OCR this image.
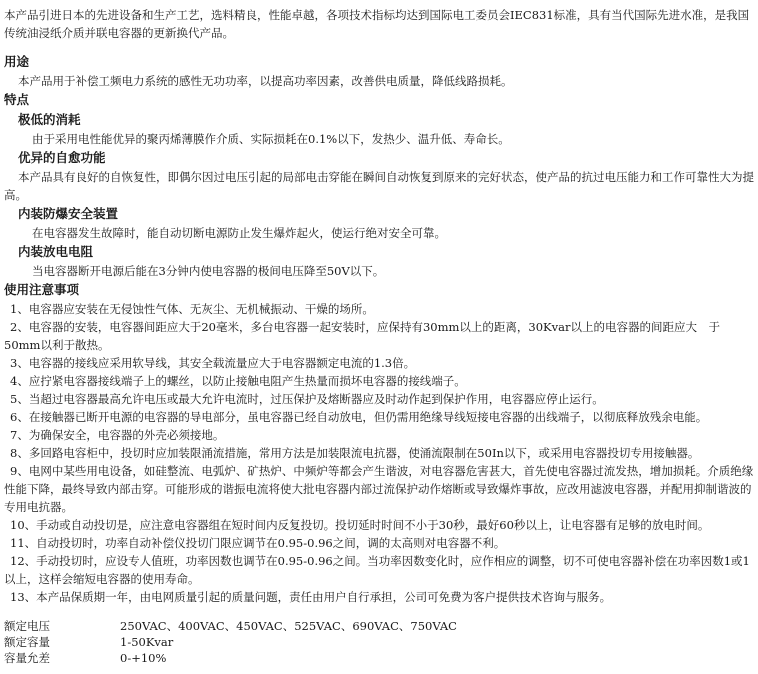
本产品引进日本的先进设备和生产工艺，选料精良，性能卓越，各项技术指标均达到国际电工委员会IEC831标准，具有当代国际先进水准，是我国传统油浸纸介质并联电容器的更新换代产品。

用途

本产品用于补偿工频电力系统的感性无功功率，以提高功率因素，改善供电质量，降低线路损耗。

特点

极低的消耗

由于采用电性能优异的聚丙烯薄膜作介质、实际损耗在0.1%以下，发热少、温升低、寿命长。

优异的自愈功能

本产品具有良好的自恢复性，即偶尔因过电压引起的局部电击穿能在瞬间自动恢复到原来的完好状态，使产品的抗过电压能力和工作可靠性大为提高。

内装防爆安全装置

在电容器发生故障时，能自动切断电源防止发生爆炸起火，使运行绝对安全可靠。

内装放电电阻

当电容器断开电源后能在3分钟内使电容器的极间电压降至50V以下。

使用注意事项

1、电容器应安装在无侵蚀性气体、无灰尘、无机械振动、干燥的场所。

2、电容器的安装，电容器间距应大于20毫米，多台电容器一起安装时，应保持有30mm以上的距离，30Kvar以上的电容器的间距应大　于50mm以利于散热。

3、电容器的接线应采用软导线，其安全载流量应大于电容器额定电流的1.3倍。

4、应拧紧电容器接线端子上的螺丝，以防止接触电阻产生热量而损坏电容器的接线端子。

5、当超过电容器最高允许电压或最大允许电流时，过压保护及熔断器应及时动作起到保护作用，电容器应停止运行。

6、在接触器已断开电源的电容器的导电部分，虽电容器已经自动放电，但仍需用绝缘导线短接电容器的出线端子，以彻底释放残余电能。

7、为确保安全，电容器的外壳必须接地。

8、多回路电容柜中，投切时应加装限涌流措施，常用方法是加装限流电抗器，使涌流限制在50In以下，或采用电容器投切专用接触器。

9、电网中某些用电设备，如硅整流、电弧炉、矿热炉、中频炉等都会产生谐波，对电容器危害甚大，首先使电容器过流发热，增加损耗。介质绝缘性能下降，最终导致内部击穿。可能形成的谐振电流将使大批电容器内部过流保护动作熔断或导致爆炸事故，应改用滤波电容器，并配用抑制谐波的专用电抗器。

10、手动或自动投切是，应注意电容器组在短时间内反复投切。投切延时时间不小于30秒，最好60秒以上，让电容器有足够的放电时间。

11、自动投切时，功率自动补偿仪投切门限应调节在0.95-0.96之间，调的太高则对电容器不利。

12、手动投切时，应设专人值班，功率因数也调节在0.95-0.96之间。当功率因数变化时，应作相应的调整，切不可使电容器补偿在功率因数1或1以上，这样会缩短电容器的使用寿命。

13、本产品保质期一年，由电网质量引起的质量问题，责任由用户自行承担，公司可免费为客户提供技术咨询与服务。

额定电压	250VAC、400VAC、450VAC、525VAC、690VAC、750VAC
额定容量	1-50Kvar
容量允差	0-+10%
